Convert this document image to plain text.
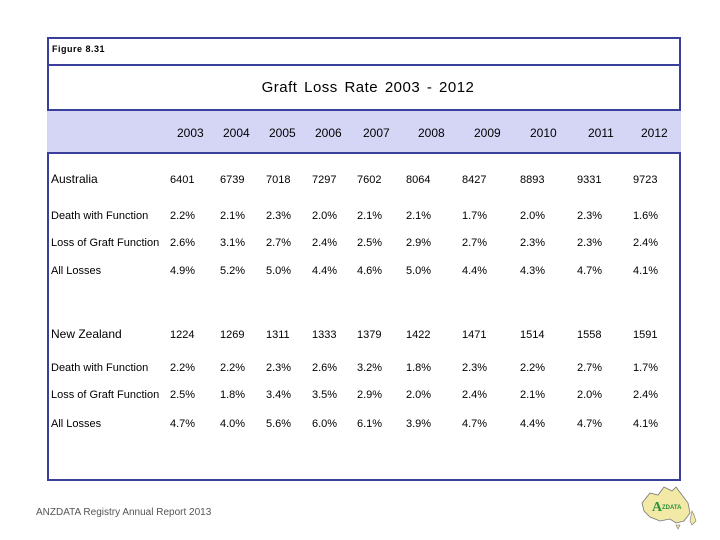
Figure 8.31
Graft Loss Rate 2003 - 2012
2003 2004 2005 2006 2007 2008 2009 2010	2011 2012
Australia	6401 6739 7018 7297 7602 8064	8427	8893	9331	9723
Death with Function 2.2% 2.1% 2.3% 2.0% 2.1% 2.1%	1.7%	2.0%	2.3%	1.6%
Loss of Graft Function 2.6% 3.1% 2.7% 2.4% 2.5% 2.9%	2.7%	2.3%	2.3%	2.4%
All Losses	4.9% 5.2% 5.0% 4.4% 4.6% 5.0%	4.4%	4.3%	4.7%	4.1%
New Zealand	1224 1269 1311 1333 1379 1422	1471	1514	1558	1591
Death with Function 2.2% 2.2% 2.3% 2.6% 3.2% 1.8%	2.3%	2.2%	2.7%	1.7%
Loss of Graft Function 2.5% 1.8% 3.4% 3.5% 2.9% 2.0%	2.4%	2.1%	2.0%	2.4%
All Losses	4.7% 4.0% 5.6% 6.0% 6.1% 3.9%	4.7%	4.4%	4.7%	4.1%
ANZDATA Registry Annual Report 2013	A ZDATA
